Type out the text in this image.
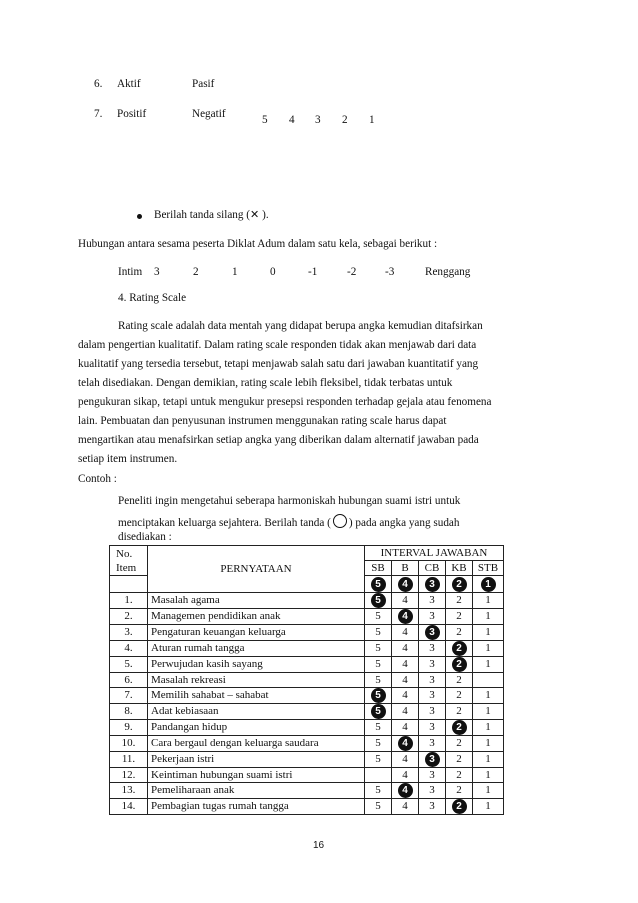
6. Aktif	Pasif
7. Positif	Negatif	5 4 3 2 1
Berilah tanda silang (✕ ).
Hubungan antara sesama peserta Diklat Adum dalam satu kela, sebagai berikut :
Intim 3	2	1	0	-1	-2	-3	Renggang
4. Rating Scale
Rating scale adalah data mentah yang didapat berupa angka kemudian ditafsirkan
dalam pengertian kualitatif. Dalam rating scale responden tidak akan menjawab dari data
kualitatif yang tersedia tersebut, tetapi menjawab salah satu dari jawaban kuantitatif yang
telah disediakan. Dengan demikian, rating scale lebih fleksibel, tidak terbatas untuk
pengukuran sikap, tetapi untuk mengukur presepsi responden terhadap gejala atau fenomena
lain. Pembuatan dan penyusunan instrumen menggunakan rating scale harus dapat
mengartikan atau menafsirkan setiap angka yang diberikan dalam alternatif jawaban pada
setiap item instrumen.
Contoh :
Peneliti ingin mengetahui seberapa harmoniskah hubungan suami istri untuk
menciptakan keluarga sejahtera. Berilah tanda ( ○ ) pada angka yang sudah
disediakan :
No.
Item	PERNYATAAN	INTERVAL JAWABAN				
		SB	B	CB	KB	STB
		5	4	3	2	1
1.	Masalah agama	5	4	3	2	1
2.	Managemen pendidikan anak	5	4	3	2	1
3.	Pengaturan keuangan keluarga	5	4	3	2	1
4.	Aturan rumah tangga	5	4	3	2	1
5.	Perwujudan kasih sayang	5	4	3	2	1
6.	Masalah rekreasi	5	4	3	2	
7.	Memilih sahabat – sahabat	5	4	3	2	1
8.	Adat kebiasaan	5	4	3	2	1
9.	Pandangan hidup	5	4	3	2	1
10.	Cara bergaul dengan keluarga saudara	5	4	3	2	1
11.	Pekerjaan istri	5	4	3	2	1
12.	Keintiman hubungan suami istri		4	3	2	1
13.	Pemeliharaan anak	5	4	3	2	1
14.	Pembagian tugas rumah tangga	5	4	3	2	1
16
